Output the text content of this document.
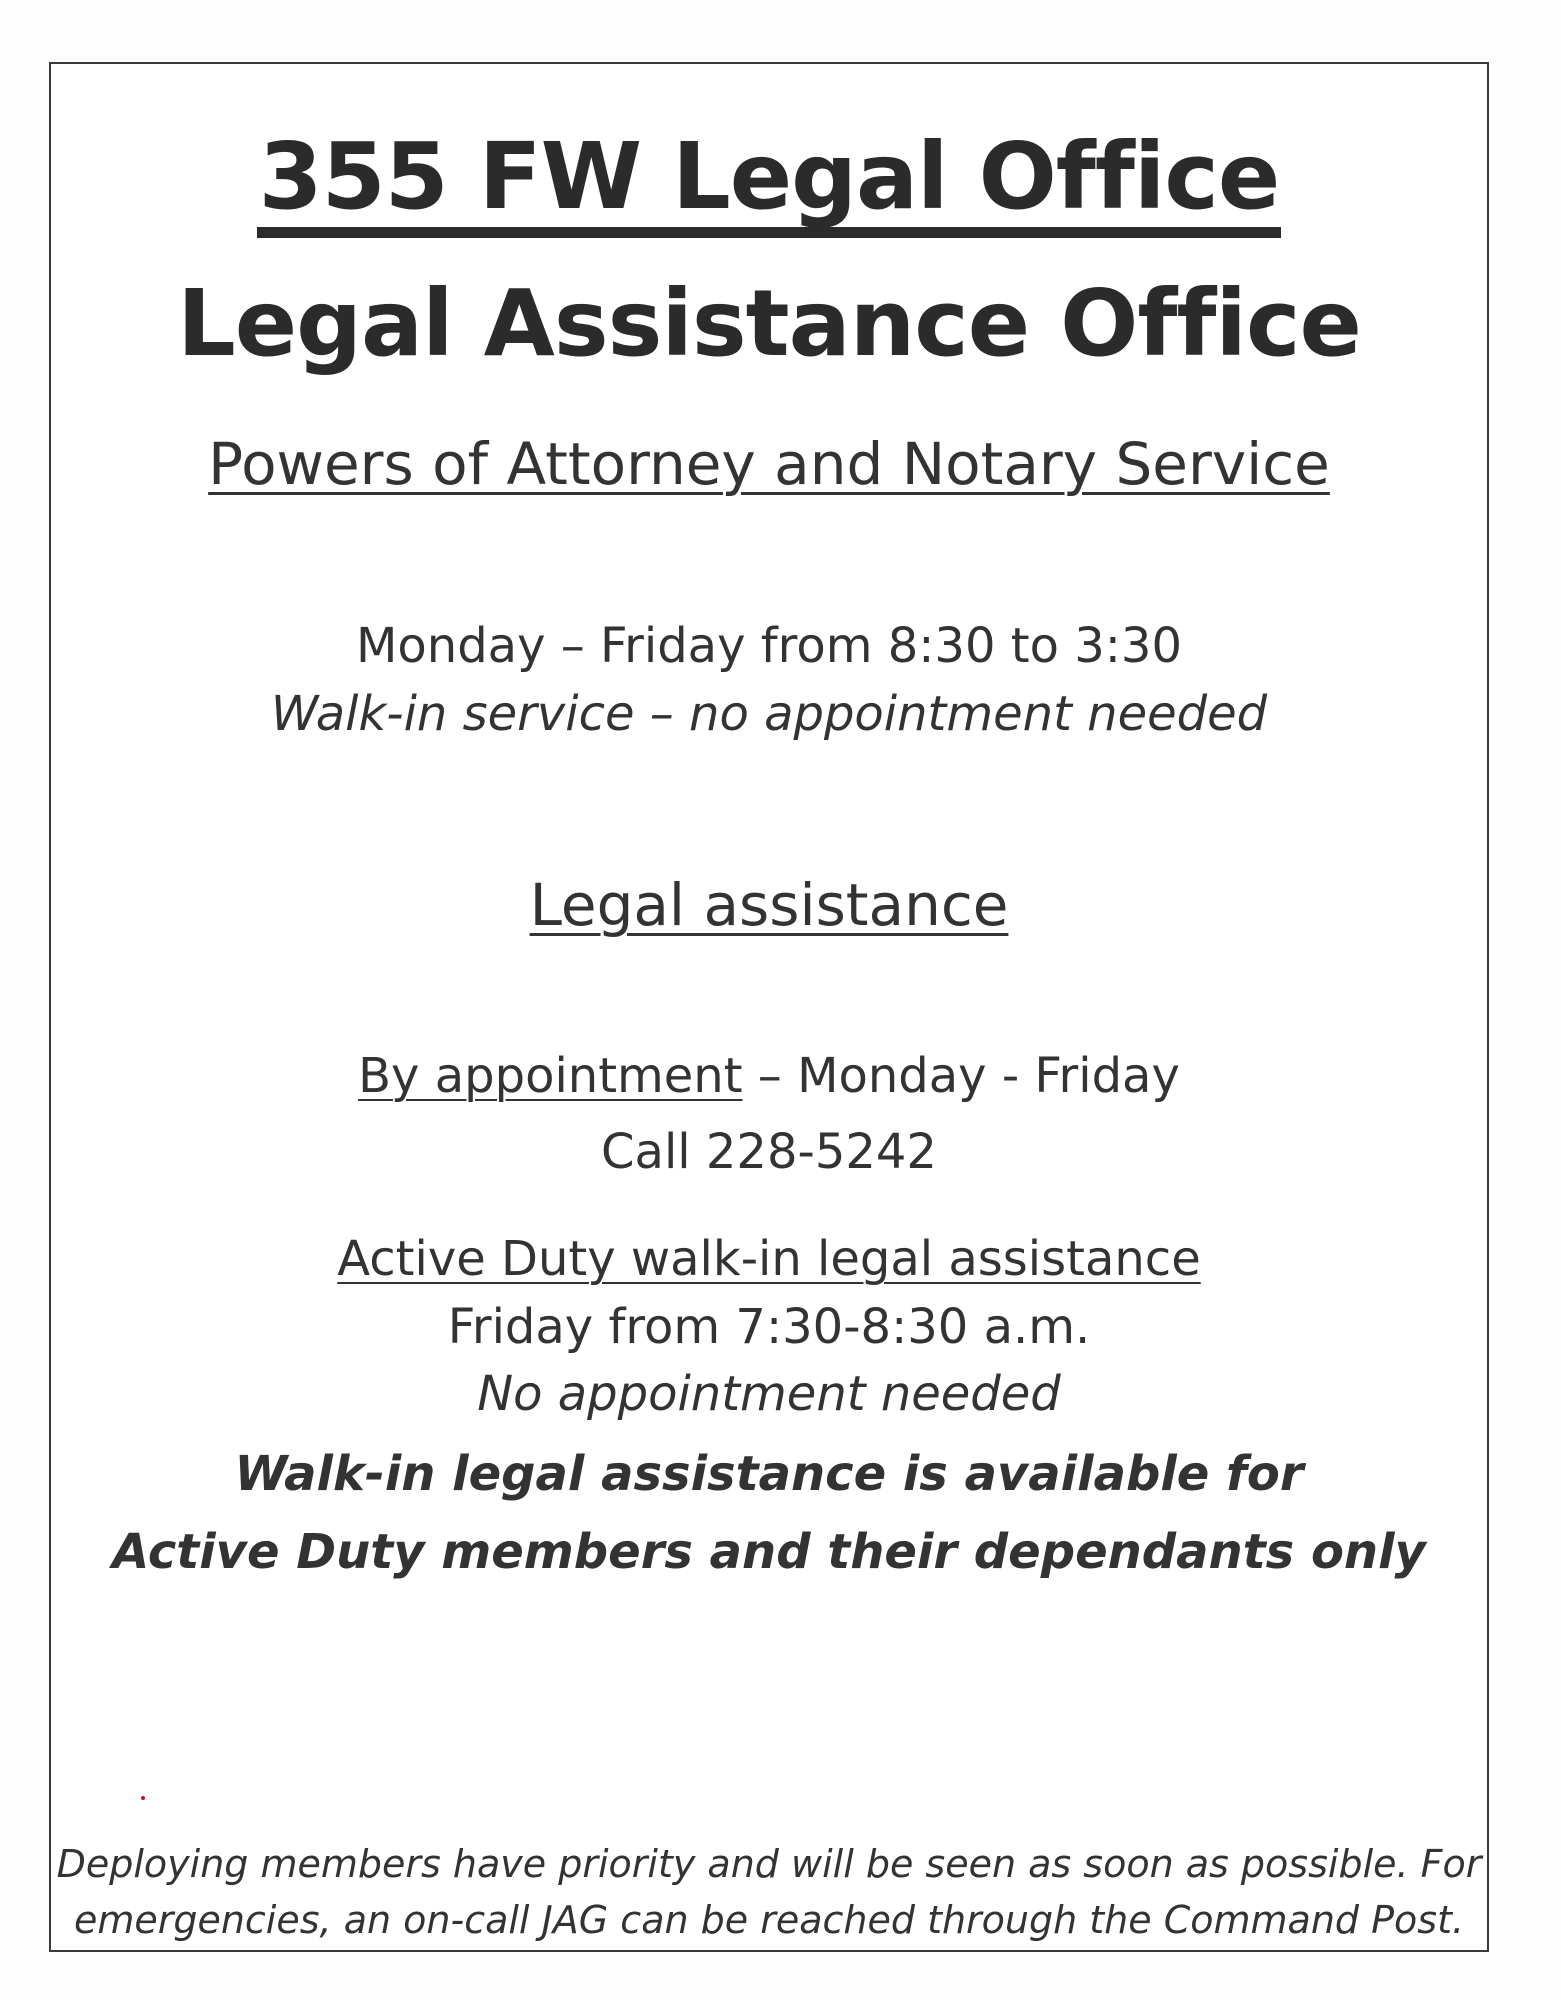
355 FW Legal Office
Legal Assistance Office
Powers of Attorney and Notary Service
Monday – Friday from 8:30 to 3:30
Walk-in service – no appointment needed
Legal assistance
By appointment – Monday - Friday
Call 228-5242
Active Duty walk-in legal assistance
Friday from 7:30-8:30 a.m.
No appointment needed
Walk-in legal assistance is available for
Active Duty members and their dependants only
Deploying members have priority and will be seen as soon as possible. For
emergencies, an on-call JAG can be reached through the Command Post.
